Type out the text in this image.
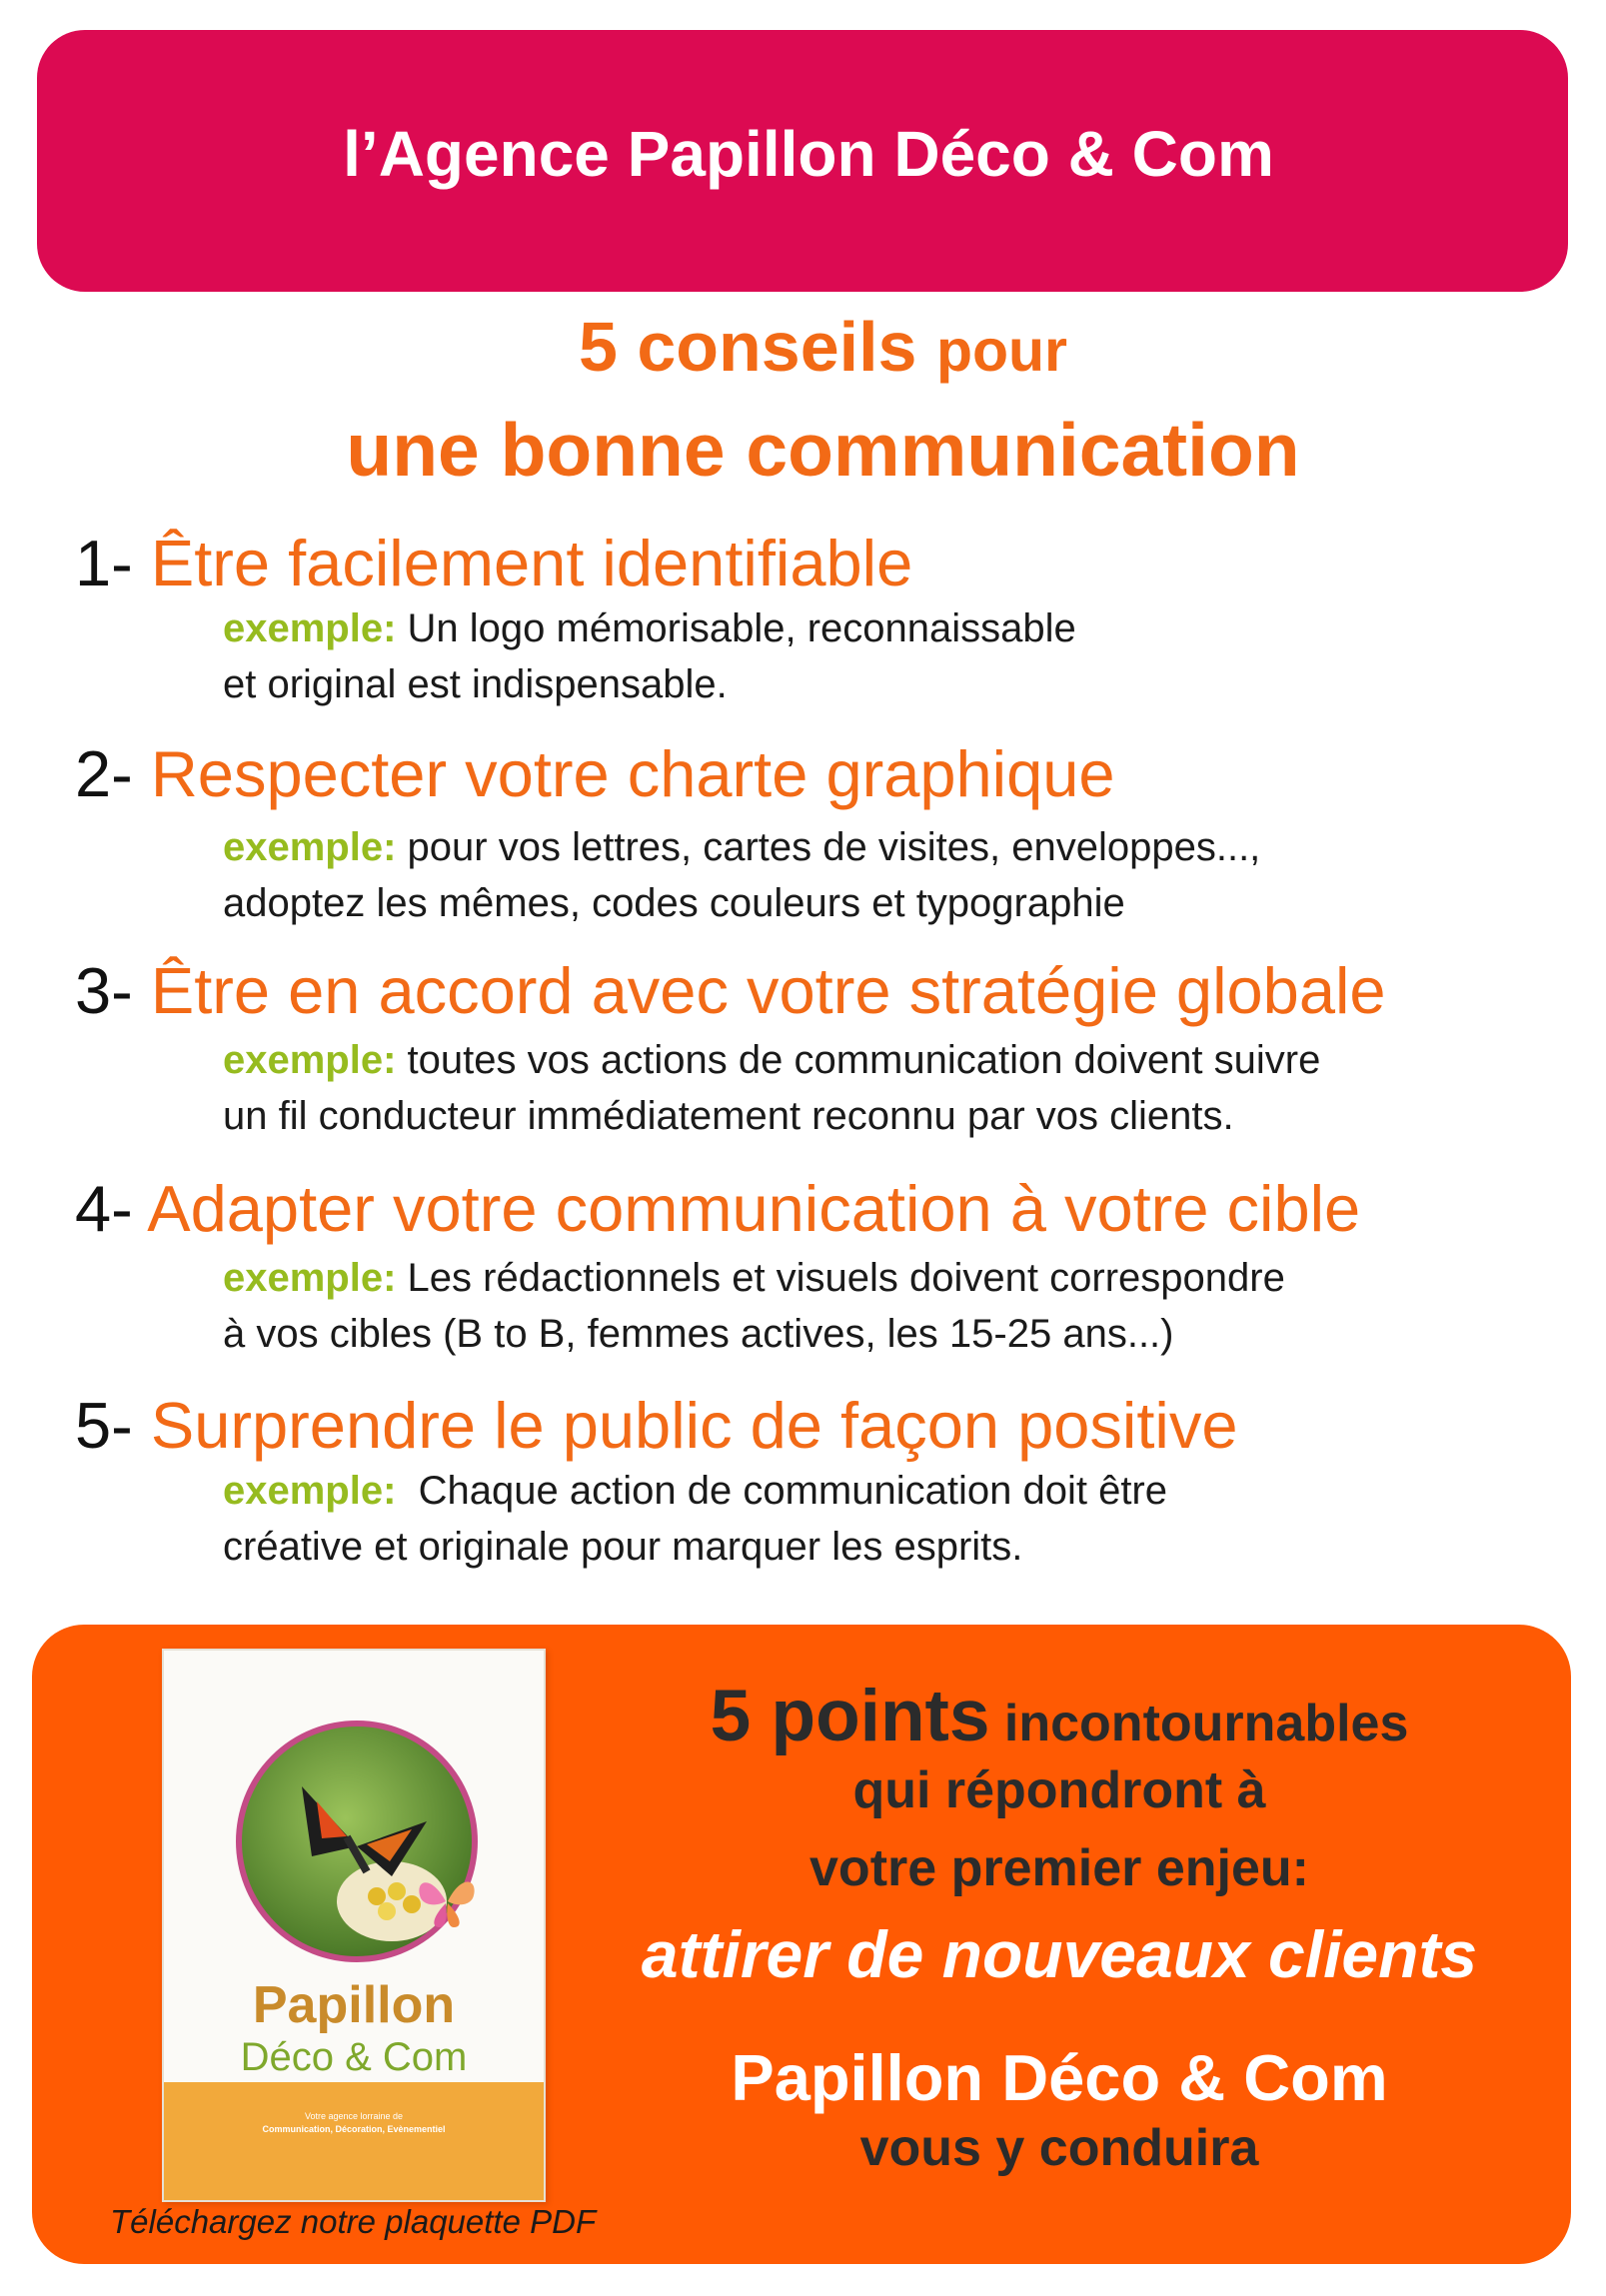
l’Agence Papillon Déco & Com
5 conseils pour
une bonne communication
1- Être facilement identifiable
exemple: Un logo mémorisable, reconnaissable
et original est indispensable.
2- Respecter votre charte graphique
exemple: pour vos lettres, cartes de visites, enveloppes...,
adoptez les mêmes, codes couleurs et typographie
3- Être en accord avec votre stratégie globale
exemple: toutes vos actions de communication doivent suivre
un fil conducteur immédiatement reconnu par vos clients.
4- Adapter votre communication à votre cible
exemple: Les rédactionnels et visuels doivent correspondre
à vos cibles (B to B, femmes actives, les 15-25 ans...)
5- Surprendre le public de façon positive
exemple:  Chaque action de communication doit être
créative et originale pour marquer les esprits.
Papillon
Déco & Com
Votre agence lorraine de
Communication, Décoration, Evènementiel
Téléchargez notre plaquette PDF
5 points incontournables
qui répondront à
votre premier enjeu:
attirer de nouveaux clients
Papillon Déco & Com
vous y conduira
